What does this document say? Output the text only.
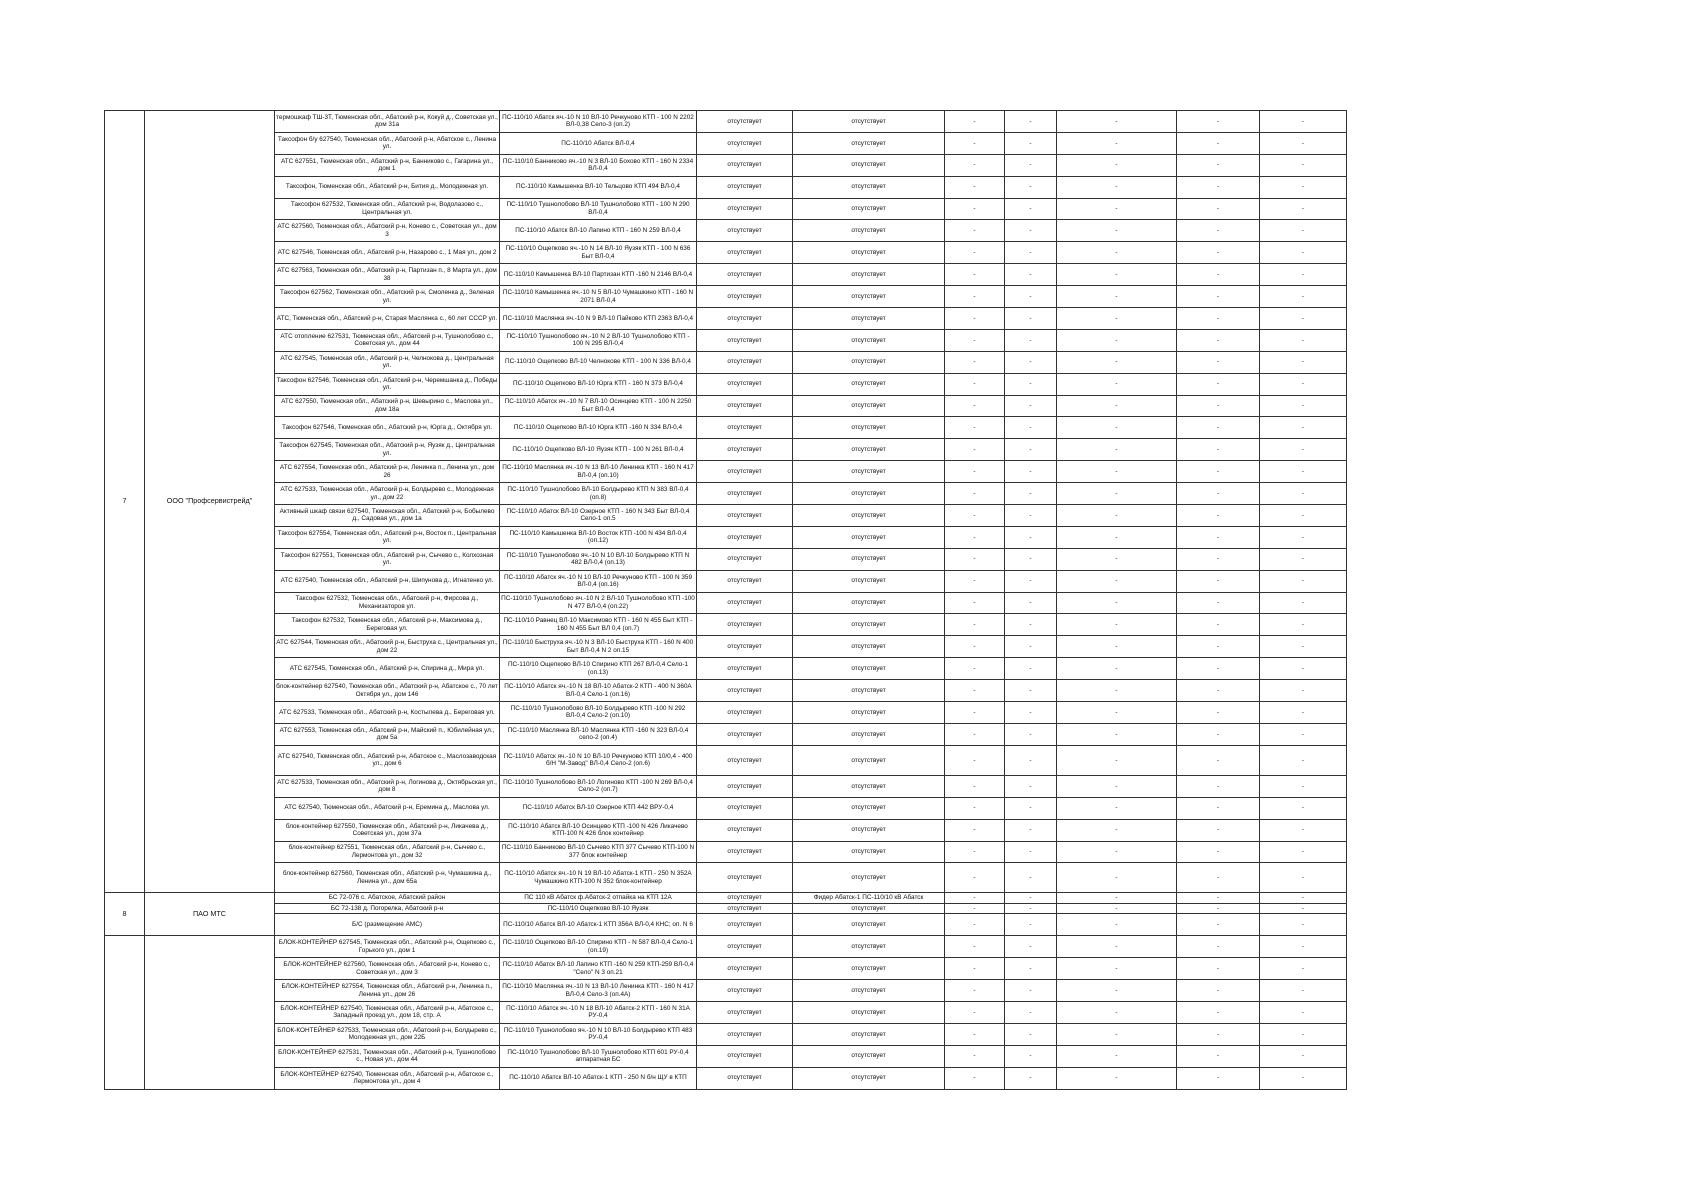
7	ООО "Профсервистрейд"	термошкаф ТШ-3Т, Тюменская обл., Абатский р-н, Кокуй д., Советская ул., дом 31а	ПС-110/10 Абатск яч.-10 N 10 ВЛ-10 Речкуново КТП - 100 N 2202 ВЛ-0,38 Село-3 (оп.2)	отсутствует	отсутствует	-	-	-	-	-
		Таксофон б/у 627540, Тюменская обл., Абатский р-н, Абатское с., Ленина ул.	ПС-110/10 Абатск ВЛ-0,4	отсутствует	отсутствует	-	-	-	-	-
		АТС 627551, Тюменская обл., Абатский р-н, Банниково с., Гагарина ул., дом 1	ПС-110/10 Банниково яч.-10 N 3 ВЛ-10 Бохово КТП - 160 N 2334 ВЛ-0,4	отсутствует	отсутствует	-	-	-	-	-
		Таксофон, Тюменская обл., Абатский р-н, Бития д., Молодежная ул.	ПС-110/10 Камышенка ВЛ-10 Тельцово КТП 494 ВЛ-0,4	отсутствует	отсутствует	-	-	-	-	-
		Таксофон 627532, Тюменская обл., Абатский р-н, Водолазово с., Центральная ул.	ПС-110/10 Тушнолобово ВЛ-10 Тушнолобово КТП - 100 N 290 ВЛ-0,4	отсутствует	отсутствует	-	-	-	-	-
		АТС 627560, Тюменская обл., Абатский р-н, Конево с., Советская ул., дом 3	ПС-110/10 Абатск ВЛ-10 Лапино КТП - 160 N 259 ВЛ-0,4	отсутствует	отсутствует	-	-	-	-	-
		АТС 627546, Тюменская обл., Абатский р-н, Назарово с., 1 Мая ул., дом 2	ПС-110/10 Ощепково яч.-10 N 14 ВЛ-10 Яузяк КТП - 100 N 636 Быт ВЛ-0,4	отсутствует	отсутствует	-	-	-	-	-
		АТС 627563, Тюменская обл., Абатский р-н, Партизан п., 8 Марта ул., дом 38	ПС-110/10 Камышенка ВЛ-10 Партизан КТП -160 N 2146 ВЛ-0,4	отсутствует	отсутствует	-	-	-	-	-
		Таксофон 627562, Тюменская обл., Абатский р-н, Смоленка д., Зеленая ул.	ПС-110/10 Камышенка яч.-10 N 5 ВЛ-10 Чумашкино КТП - 160 N 2071 ВЛ-0,4	отсутствует	отсутствует	-	-	-	-	-
		АТС, Тюменская обл., Абатский р-н, Старая Маслянка с., 60 лет СССР ул.	ПС-110/10 Маслянка яч.-10 N 9 ВЛ-10 Пайково КТП 2363 ВЛ-0,4	отсутствует	отсутствует	-	-	-	-	-
		АТС отопление 627531, Тюменская обл., Абатский р-н, Тушнолобово с., Советская ул., дом 44	ПС-110/10 Тушнолобово яч.-10 N 2 ВЛ-10 Тушнолобово КТП - 100 N 295 ВЛ-0,4	отсутствует	отсутствует	-	-	-	-	-
		АТС 627545, Тюменская обл., Абатский р-н, Челнокова д., Центральная ул.	ПС-110/10 Ощепково ВЛ-10 Челнокове КТП - 100 N 336 ВЛ-0,4	отсутствует	отсутствует	-	-	-	-	-
		Таксофон 627546, Тюменская обл., Абатский р-н, Черемшанка д., Победы ул.	ПС-110/10 Ощепково ВЛ-10 Юрга КТП - 160 N 373 ВЛ-0,4	отсутствует	отсутствует	-	-	-	-	-
		АТС 627550, Тюменская обл., Абатский р-н, Шевырино с., Маслова ул., дом 18а	ПС-110/10 Абатск яч.-10 N 7 ВЛ-10 Осинцево КТП - 100 N 2250 Быт ВЛ-0,4	отсутствует	отсутствует	-	-	-	-	-
		Таксофон 627546, Тюменская обл., Абатский р-н, Юрга д., Октября ул.	ПС-110/10 Ощепково ВЛ-10 Юрга КТП -160 N 334 ВЛ-0,4	отсутствует	отсутствует	-	-	-	-	-
		Таксофон 627545, Тюменская обл., Абатский р-н, Яузяк д., Центральная ул.	ПС-110/10 Ощепково ВЛ-10 Яузяк КТП - 100 N 261 ВЛ-0,4	отсутствует	отсутствует	-	-	-	-	-
		АТС 627554, Тюменская обл., Абатский р-н, Ленинка п., Ленина ул., дом 26	ПС-110/10 Маслянка яч.-10 N 13 ВЛ-10 Ленинка КТП - 160 N 417 ВЛ-0,4 (оп.10)	отсутствует	отсутствует	-	-	-	-	-
		АТС 627533, Тюменская обл., Абатский р-н, Болдырево с., Молодежная ул., дом 22	ПС-110/10 Тушнолобово ВЛ-10 Болдырево КТП N 383 ВЛ-0,4 (оп.8)	отсутствует	отсутствует	-	-	-	-	-
		Активный шкаф связи 627540, Тюменская обл., Абатский р-н, Бобылево д., Садовая ул., дом 1а	ПС-110/10 Абатск ВЛ-10 Озерное КТП - 160 N 343 Быт ВЛ-0,4 Село-1 оп.5	отсутствует	отсутствует	-	-	-	-	-
		Таксофон 627554, Тюменская обл., Абатский р-н, Восток п., Центральная ул.	ПС-110/10 Камышенка ВЛ-10 Восток КТП -100 N 434 ВЛ-0,4 (оп.12)	отсутствует	отсутствует	-	-	-	-	-
		Таксофон 627551, Тюменская обл., Абатский р-н, Сычево с., Колхозная ул.	ПС-110/10 Тушнолобово яч.-10 N 10 ВЛ-10 Болдырево КТП N 482 ВЛ-0,4 (оп.13)	отсутствует	отсутствует	-	-	-	-	-
		АТС 627540, Тюменская обл., Абатский р-н, Шипунова д., Игнатенко ул.	ПС-110/10 Абатск яч.-10 N 10 ВЛ-10 Речкуново КТП - 100 N 359 ВЛ-0,4 (оп.16)	отсутствует	отсутствует	-	-	-	-	-
		Таксофон 627532, Тюменская обл., Абатский р-н, Фирсова д., Механизаторов ул.	ПС-110/10 Тушнолобово яч.-10 N 2 ВЛ-10 Тушнолобово КТП -100 N 477 ВЛ-0,4 (оп.22)	отсутствует	отсутствует	-	-	-	-	-
		Таксофон 627532, Тюменская обл., Абатский р-н, Максимова д., Береговая ул.	ПС-110/10 Равнец ВЛ-10 Максимово КТП - 160 N 455 Быт КТП - 160 N 455 Быт ВЛ 0,4 (оп.7)	отсутствует	отсутствует	-	-	-	-	-
		АТС 627544, Тюменская обл., Абатский р-н, Быструха с., Центральная ул., дом 22	ПС-110/10 Быструха яч.-10 N 3 ВЛ-10 Быструха КТП - 160 N 400 Быт ВЛ-0,4 N 2 оп.15	отсутствует	отсутствует	-	-	-	-	-
		АТС 627545, Тюменская обл., Абатский р-н, Спирина д., Мира ул.	ПС-110/10 Ощепково ВЛ-10 Спирино КТП 267 ВЛ-0,4 Село-1 (оп.13)	отсутствует	отсутствует	-	-	-	-	-
		блок-контейнер 627540, Тюменская обл., Абатский р-н, Абатское с., 70 лет Октября ул., дом 146	ПС-110/10 Абатск яч.-10 N 18 ВЛ-10 Абатск-2 КТП - 400 N 360А ВЛ-0,4 Село-1 (оп.16)	отсутствует	отсутствует	-	-	-	-	-
		АТС 627533, Тюменская обл., Абатский р-н, Костылева д., Береговая ул.	ПС-110/10 Тушнолобово ВЛ-10 Болдырево КТП -100 N 292 ВЛ-0,4 Село-2 (оп.10)	отсутствует	отсутствует	-	-	-	-	-
		АТС 627553, Тюменская обл., Абатский р-н, Майский п., Юбилейная ул., дом 5а	ПС-110/10 Маслянка ВЛ-10 Маслянка КТП -160 N 323 ВЛ-0,4 село-2 (оп.4)	отсутствует	отсутствует	-	-	-	-	-
		АТС 627540, Тюменская обл., Абатский р-н, Абатское с., Маслозаводская ул., дом 6	ПС-110/10 Абатск яч.-10 N 10 ВЛ-10 Речкуново КТП 10/0,4 - 400 б/Н "М-Завод" ВЛ-0,4 Село-2 (оп.6)	отсутствует	отсутствует	-	-	-	-	-
		АТС 627533, Тюменская обл., Абатский р-н, Логинова д., Октябрьская ул., дом 8	ПС-110/10 Тушнолобово ВЛ-10 Логиново КТП -100 N 269 ВЛ-0,4 Село-2 (оп.7)	отсутствует	отсутствует	-	-	-	-	-
		АТС 627540, Тюменская обл., Абатский р-н, Еремина д., Маслова ул.	ПС-110/10 Абатск ВЛ-10 Озерное КТП 442 ВРУ-0,4	отсутствует	отсутствует	-	-	-	-	-
		блок-контейнер 627550, Тюменская обл., Абатский р-н, Ликачева д., Советская ул., дом 37а	ПС-110/10 Абатск ВЛ-10 Осинцево КТП -100 N 426 Ликачево КТП-100 N 426 блок контейнер	отсутствует	отсутствует	-	-	-	-	-
		блок-контейнер 627551, Тюменская обл., Абатский р-н, Сычево с., Лермонтова ул., дом 32	ПС-110/10 Банниково ВЛ-10 Сычево КТП 377 Сычево КТП-100 N 377 блок контейнер	отсутствует	отсутствует	-	-	-	-	-
		блок-контейнер 627560, Тюменская обл., Абатский р-н, Чумашкина д., Ленина ул., дом 65а	ПС-110/10 Абатск яч.-10 N 19 ВЛ-10 Абатск-1 КТП - 250 N 352А Чумашкино КТП-100 N 352 блок-контейнер	отсутствует	отсутствует	-	-	-	-	-
8	ПАО МТС	БС 72-076 с. Абатское, Абатский район	ПС 110 кВ Абатск ф.Абатск-2 отпайка на КТП 12А	отсутствует	Фидер Абатск-1 ПС-110/10 кВ Абатск	-	-	-	-	-
		БС 72-138 д. Погорелка, Абатский р-н	ПС-110/10 Ощепково ВЛ-10 Яузяк	отсутствует	отсутствует	-	-	-	-	-
		Б/С (размещение АМС)	ПС-110/10 Абатск ВЛ-10 Абатск-1 КТП 356А ВЛ-0,4 КНС; оп. N 6	отсутствует	отсутствует	-	-	-	-	-
		БЛОК-КОНТЕЙНЕР 627545, Тюменская обл., Абатский р-н, Ощепково с., Горького ул., дом 1	ПС-110/10 Ощепково ВЛ-10 Спирино КТП - N 587 ВЛ-0,4 Село-1 (оп.19)	отсутствует	отсутствует	-	-	-	-	-
		БЛОК-КОНТЕЙНЕР 627560, Тюменская обл., Абатский р-н, Конево с., Советская ул., дом 3	ПС-110/10 Абатск ВЛ-10 Лапино КТП -160 N 259 КТП-259 ВЛ-0,4 "Село" N 3 оп.21	отсутствует	отсутствует	-	-	-	-	-
		БЛОК-КОНТЕЙНЕР 627554, Тюменская обл., Абатский р-н, Ленинка п., Ленина ул., дом 26	ПС-110/10 Маслянка яч.-10 N 13 ВЛ-10 Ленинка КТП - 160 N 417 ВЛ-0,4 Село-3 (оп.4А)	отсутствует	отсутствует	-	-	-	-	-
		БЛОК-КОНТЕЙНЕР 627540, Тюменская обл., Абатский р-н, Абатское с., Западный проезд ул., дом 18, стр. А	ПС-110/10 Абатск яч.-10 N 18 ВЛ-10 Абатск-2 КТП - 160 N 31А РУ-0,4	отсутствует	отсутствует	-	-	-	-	-
		БЛОК-КОНТЕЙНЕР 627533, Тюменская обл., Абатский р-н, Болдырево с., Молодежная ул., дом 22Б	ПС-110/10 Тушнолобово яч.-10 N 10 ВЛ-10 Болдырево КТП 483 РУ-0,4	отсутствует	отсутствует	-	-	-	-	-
		БЛОК-КОНТЕЙНЕР 627531, Тюменская обл., Абатский р-н, Тушнолобово с., Новая ул., дом 44	ПС-110/10 Тушнолобово ВЛ-10 Тушнолобово КТП 601 РУ-0,4 аппаратная БС	отсутствует	отсутствует	-	-	-	-	-
		БЛОК-КОНТЕЙНЕР 627540, Тюменская обл., Абатский р-н, Абатское с., Лермонтова ул., дом 4	ПС-110/10 Абатск ВЛ-10 Абатск-1 КТП - 250 N б/н ЩУ в КТП	отсутствует	отсутствует	-	-	-	-	-
